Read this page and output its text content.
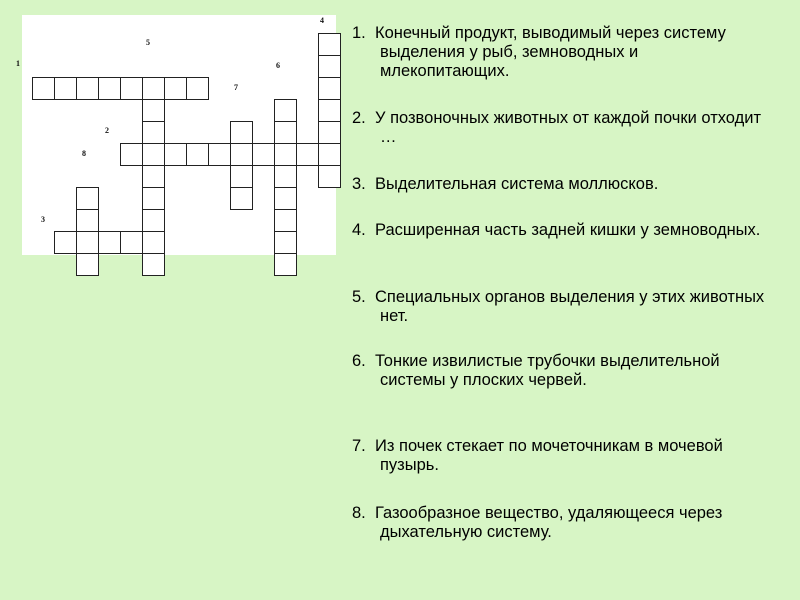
1
2
3
4
5
6
7
8
1. Конечный продукт, выводимый через систему выделения у рыб, земноводных и млекопитающих.
2. У позвоночных животных от каждой почки отходит …
3. Выделительная система моллюсков.
4. Расширенная часть задней кишки у земноводных.
5. Специальных органов выделения у этих животных нет.
6. Тонкие извилистые трубочки выделительной системы у плоских червей.
7. Из почек стекает по мочеточникам в мочевой пузырь.
8. Газообразное вещество, удаляющееся через дыхательную систему.
